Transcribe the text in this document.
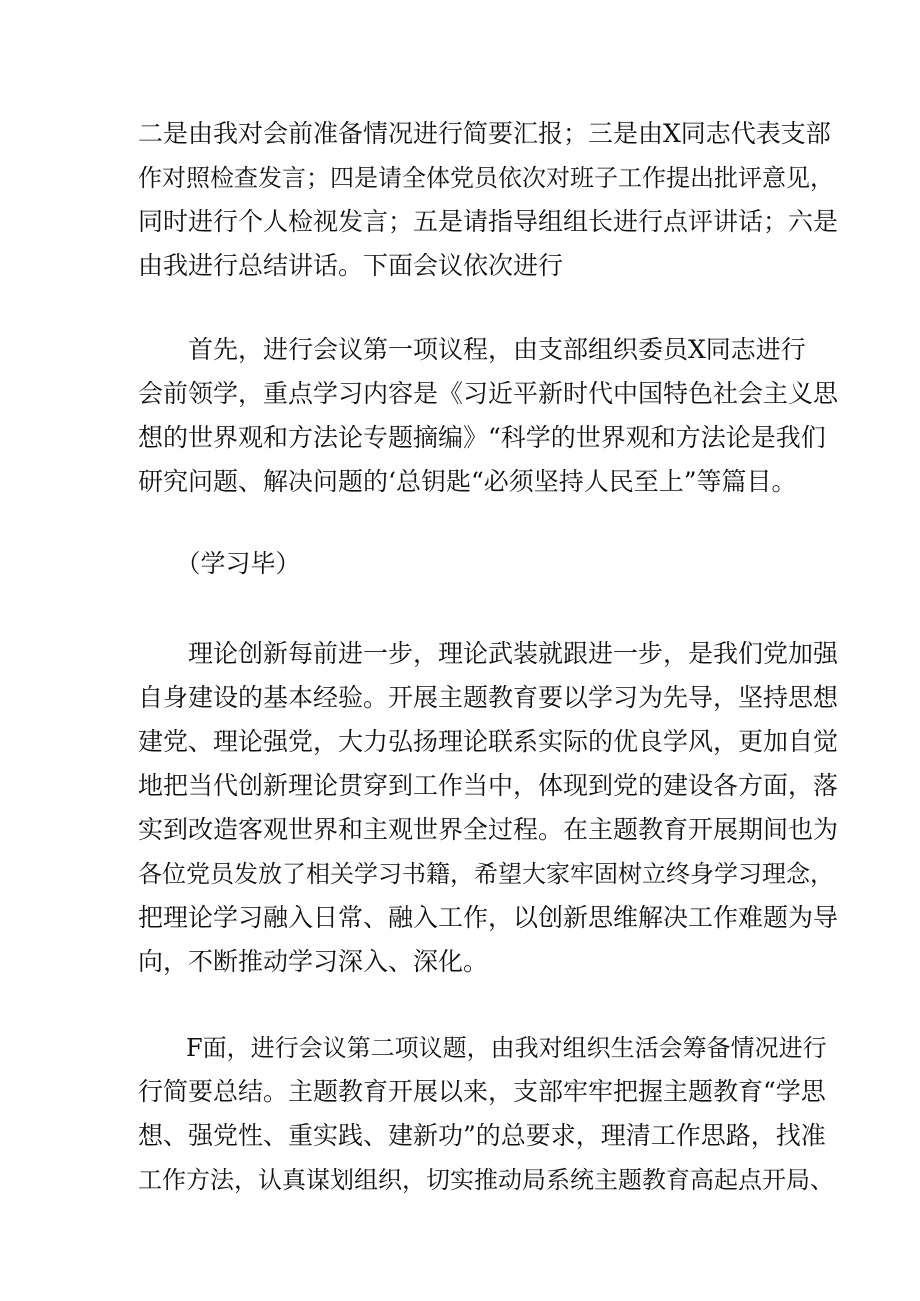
二是由我对会前准备情况进行简要汇报；三是由X同志代表支部
作对照检查发言；四是请全体党员依次对班子工作提出批评意见，
同时进行个人检视发言；五是请指导组组长进行点评讲话；六是
由我进行总结讲话。下面会议依次进行
　　首先，进行会议第一项议程，由支部组织委员X同志进行
会前领学，重点学习内容是《习近平新时代中国特色社会主义思
想的世界观和方法论专题摘编》“科学的世界观和方法论是我们
研究问题、解决问题的‘总钥匙“必须坚持人民至上”等篇目。
　　（学习毕）
　　理论创新每前进一步，理论武装就跟进一步，是我们党加强
自身建设的基本经验。开展主题教育要以学习为先导，坚持思想
建党、理论强党，大力弘扬理论联系实际的优良学风，更加自觉
地把当代创新理论贯穿到工作当中，体现到党的建设各方面，落
实到改造客观世界和主观世界全过程。在主题教育开展期间也为
各位党员发放了相关学习书籍，希望大家牢固树立终身学习理念，
把理论学习融入日常、融入工作，以创新思维解决工作难题为导
向，不断推动学习深入、深化。
　　F面，进行会议第二项议题，由我对组织生活会筹备情况进行
行简要总结。主题教育开展以来，支部牢牢把握主题教育“学思
想、强党性、重实践、建新功”的总要求，理清工作思路，找准
工作方法，认真谋划组织，切实推动局系统主题教育高起点开局、
